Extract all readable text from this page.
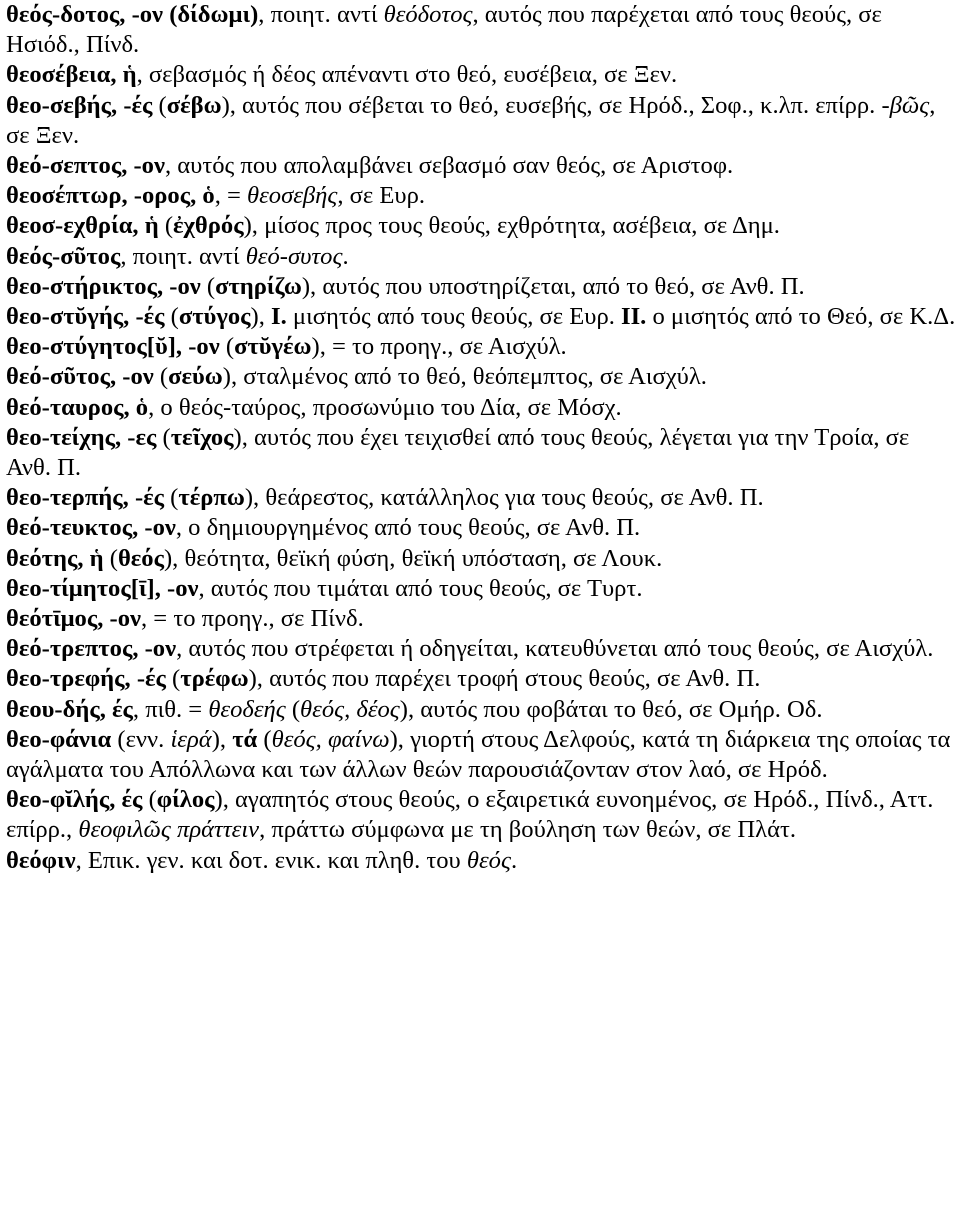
θεός-δοτος, -ον (δίδωμι), ποιητ. αντί θεόδοτος, αυτός που παρέχεται από τους θεούς, σε Ησιόδ., Πίνδ.

θεοσέβεια, ἡ, σεβασμός ή δέος απέναντι στο θεό, ευσέβεια, σε Ξεν.

θεο-σεβής, -ές (σέβω), αυτός που σέβεται το θεό, ευσεβής, σε Ηρόδ., Σοφ., κ.λπ. επίρρ. -βῶς, σε Ξεν.

θεό-σεπτος, -ον, αυτός που απολαμβάνει σεβασμό σαν θεός, σε Αριστοφ.

θεοσέπτωρ, -ορος, ὁ, = θεοσεβής, σε Ευρ.

θεοσ-εχθρία, ἡ (ἐχθρός), μίσος προς τους θεούς, εχθρότητα, ασέβεια, σε Δημ.

θεός-σῦτος, ποιητ. αντί θεό-συτος.

θεο-στήρικτος, -ον (στηρίζω), αυτός που υποστηρίζεται, από το θεό, σε Ανθ. Π.

θεο-στῠγής, -ές (στύγος), I. μισητός από τους θεούς, σε Ευρ. II. ο μισητός από το Θεό, σε Κ.Δ.

θεο-στύγητος[ῠ], -ον (στῠγέω), = το προηγ., σε Αισχύλ.

θεό-σῦτος, -ον (σεύω), σταλμένος από το θεό, θεόπεμπτος, σε Αισχύλ.

θεό-ταυρος, ὁ, ο θεός-ταύρος, προσωνύμιο του Δία, σε Μόσχ.

θεο-τείχης, -ες (τεῖχος), αυτός που έχει τειχισθεί από τους θεούς, λέγεται για την Τροία, σε Ανθ. Π.

θεο-τερπής, -ές (τέρπω), θεάρεστος, κατάλληλος για τους θεούς, σε Ανθ. Π.

θεό-τευκτος, -ον, ο δημιουργημένος από τους θεούς, σε Ανθ. Π.

θεότης, ἡ (θεός), θεότητα, θεϊκή φύση, θεϊκή υπόσταση, σε Λουκ.

θεο-τίμητος[ῑ], -ον, αυτός που τιμάται από τους θεούς, σε Τυρτ.

θεότῑμος, -ον, = το προηγ., σε Πίνδ.

θεό-τρεπτος, -ον, αυτός που στρέφεται ή οδηγείται, κατευθύνεται από τους θεούς, σε Αισχύλ.

θεο-τρεφής, -ές (τρέφω), αυτός που παρέχει τροφή στους θεούς, σε Ανθ. Π.

θεου-δής, ές, πιθ. = θεοδεής (θεός, δέος), αυτός που φοβάται το θεό, σε Ομήρ. Οδ.

θεο-φάνια (ενν. ἱερά), τά (θεός, φαίνω), γιορτή στους Δελφούς, κατά τη διάρκεια της οποίας τα αγάλματα του Απόλλωνα και των άλλων θεών παρουσιάζονταν στον λαό, σε Ηρόδ.

θεο-φῐλής, ές (φίλος), αγαπητός στους θεούς, ο εξαιρετικά ευνοημένος, σε Ηρόδ., Πίνδ., Αττ. επίρρ., θεοφιλῶς πράττειν, πράττω σύμφωνα με τη βούληση των θεών, σε Πλάτ.

θεόφιν, Επικ. γεν. και δοτ. ενικ. και πληθ. του θεός.
